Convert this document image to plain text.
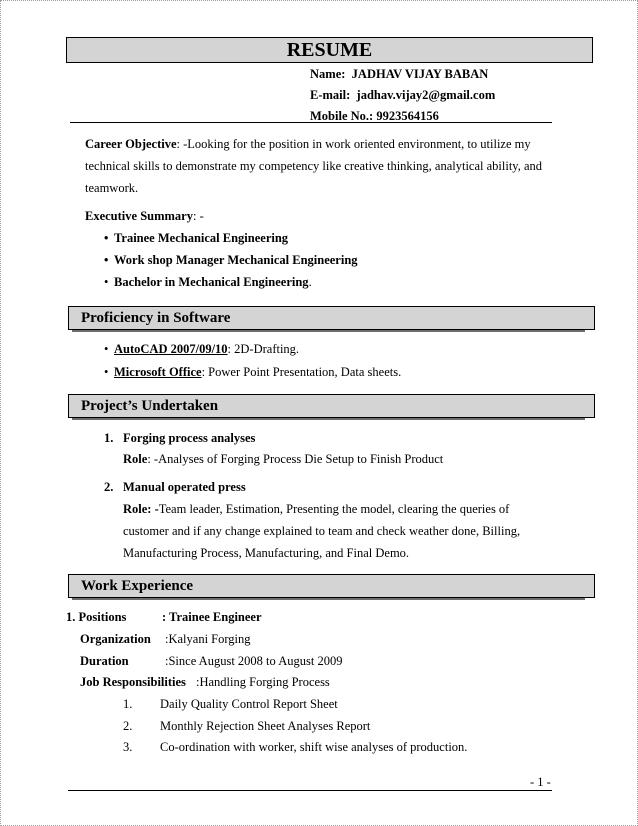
RESUME
Name: JADHAV VIJAY BABAN
E-mail: jadhav.vijay2@gmail.com
Mobile No.: 9923564156
Career Objective: -Looking for the position in work oriented environment, to utilize my
technical skills to demonstrate my competency like creative thinking, analytical ability, and
teamwork.
Executive Summary: -
• Trainee Mechanical Engineering
• Work shop Manager Mechanical Engineering
• Bachelor in Mechanical Engineering.
Proficiency in Software
• AutoCAD 2007/09/10: 2D-Drafting.
• Microsoft Office: Power Point Presentation, Data sheets.
Project’s Undertaken
1. Forging process analyses
Role: -Analyses of Forging Process Die Setup to Finish Product
2. Manual operated press
Role: -Team leader, Estimation, Presenting the model, clearing the queries of
customer and if any change explained to team and check weather done, Billing,
Manufacturing Process, Manufacturing, and Final Demo.
Work Experience
1. Positions	: Trainee Engineer
Organization :Kalyani Forging
Duration	:Since August 2008 to August 2009
Job Responsibilities :Handling Forging Process
1. Daily Quality Control Report Sheet
2. Monthly Rejection Sheet Analyses Report
3. Co-ordination with worker, shift wise analyses of production.
- 1 -
